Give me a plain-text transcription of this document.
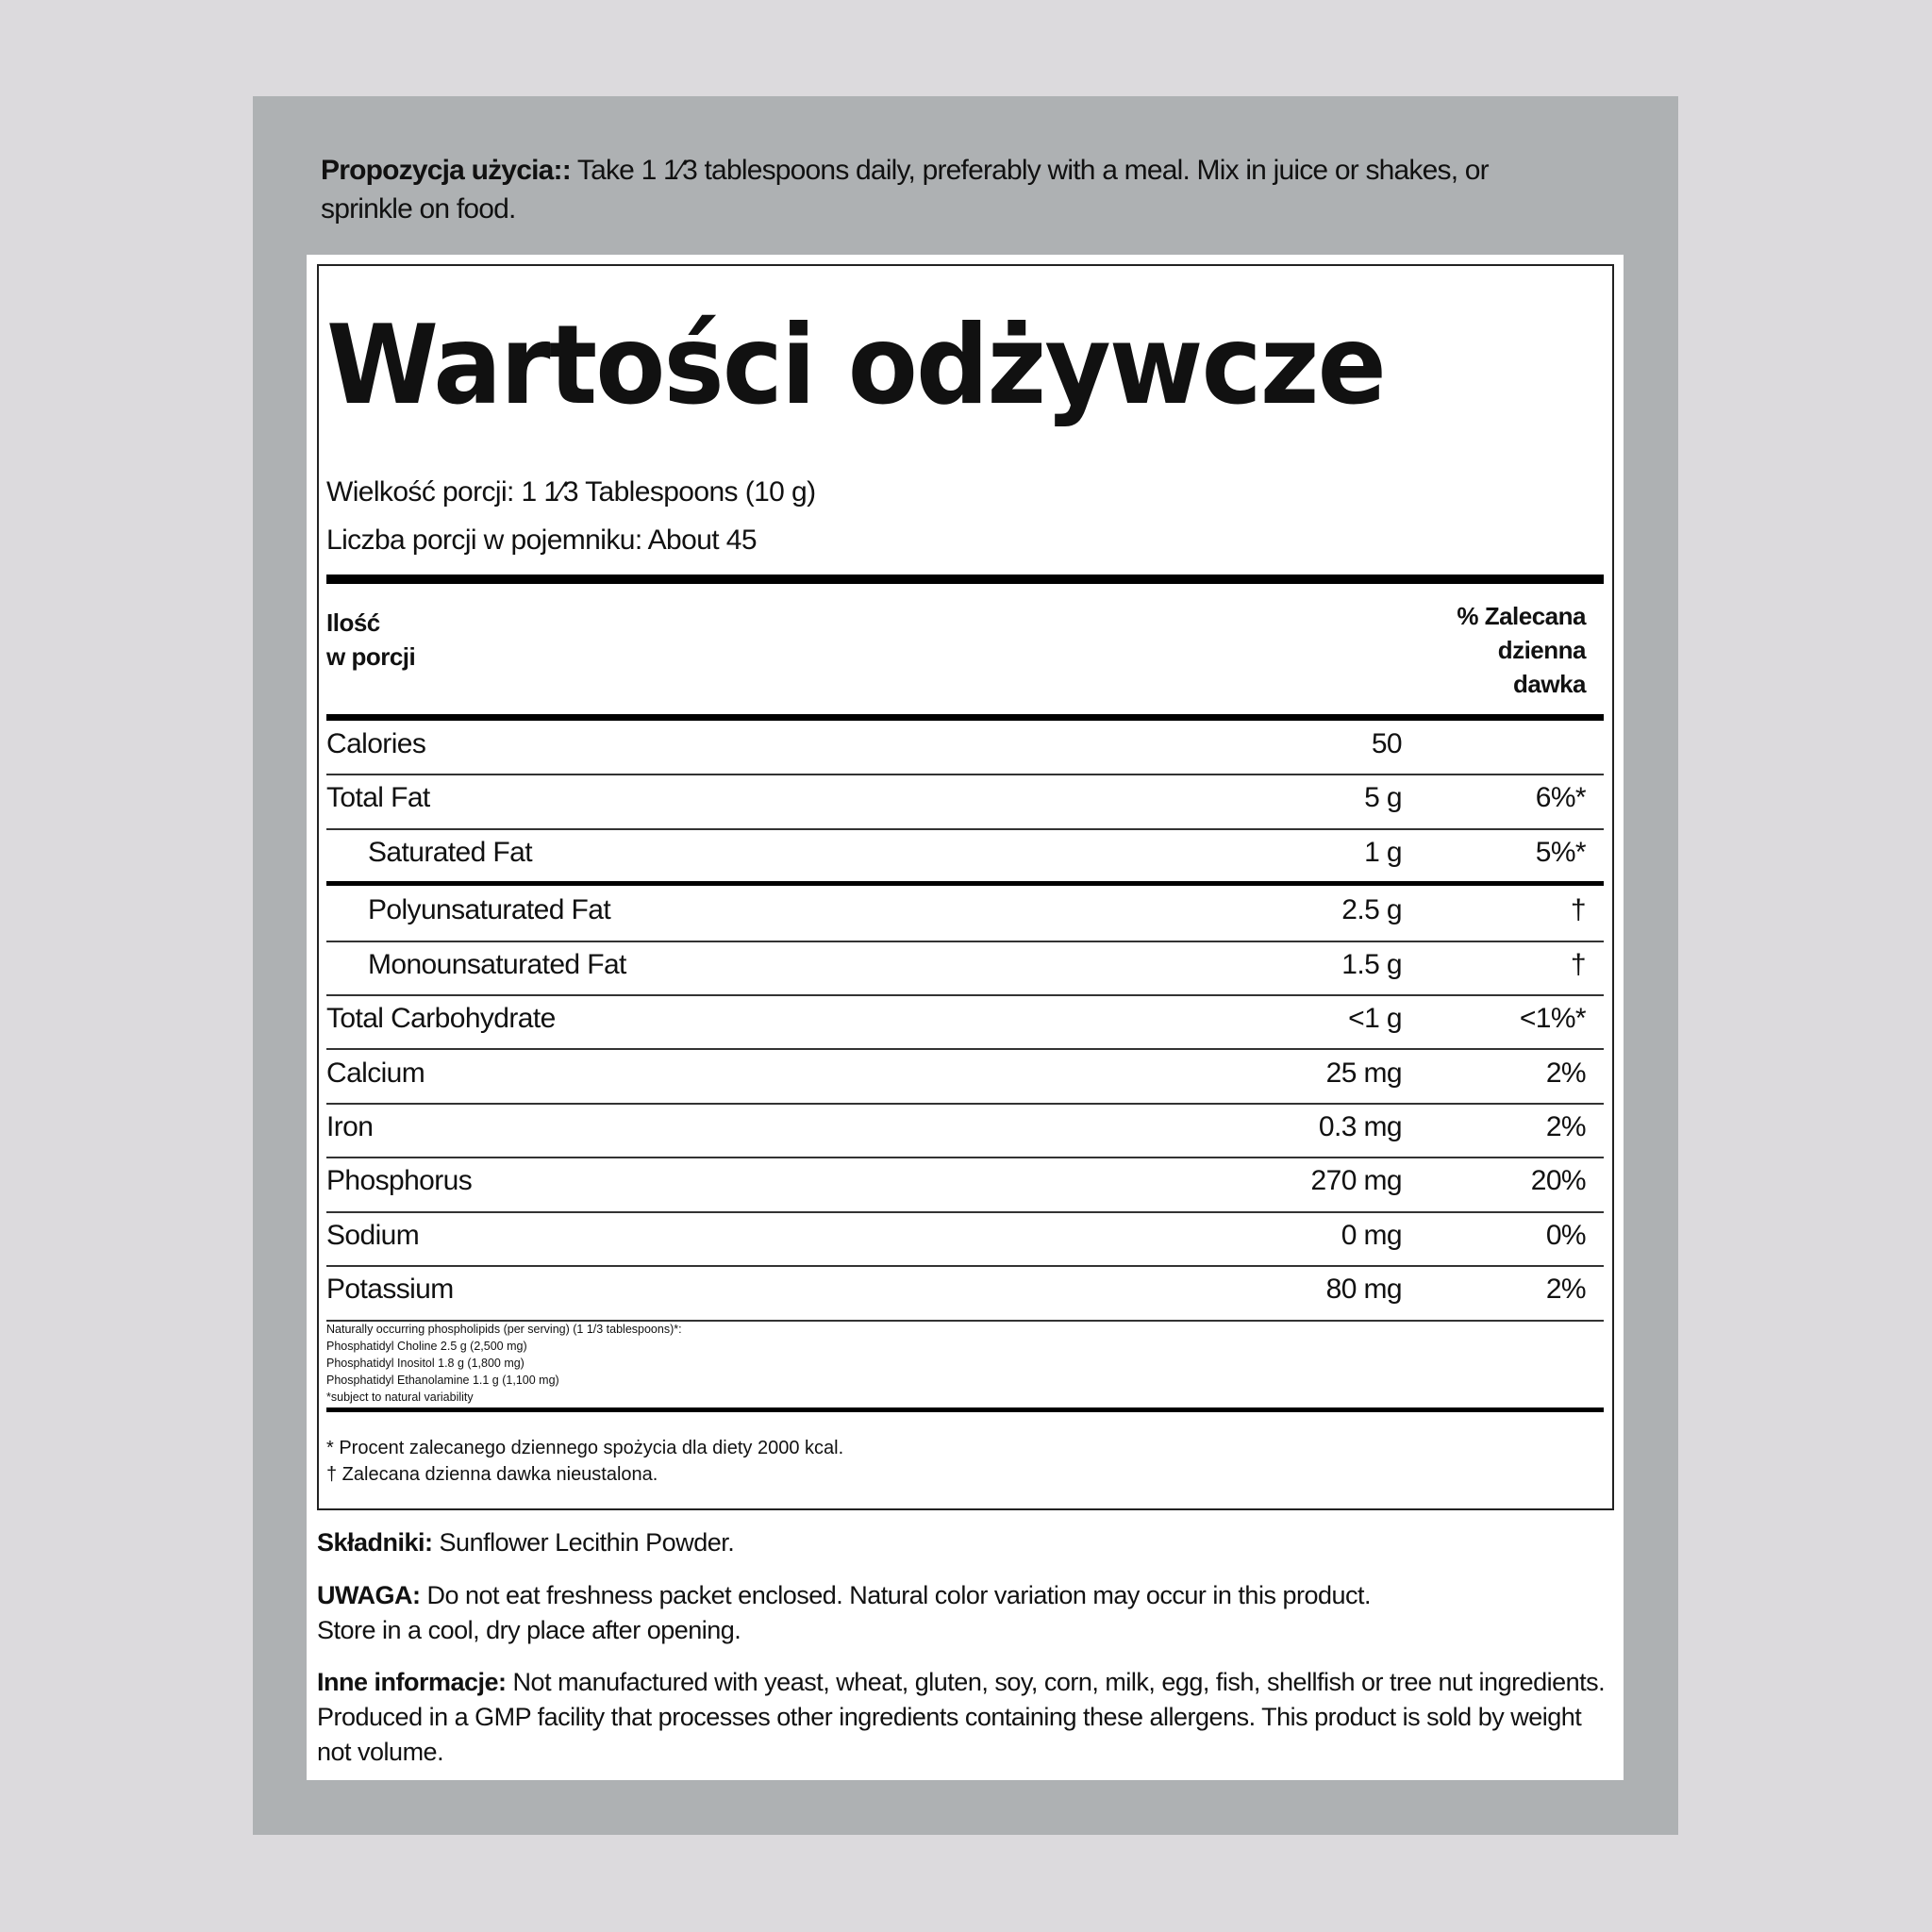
Propozycja użycia:: Take 1 1⁄3 tablespoons daily, preferably with a meal. Mix in juice or shakes, or sprinkle on food.
Wartości odżywcze
Wielkość porcji: 1 1⁄3 Tablespoons (10 g)
Liczba porcji w pojemniku: About 45
Ilość
w porcji
% Zalecana
dzienna
dawka
Calories	50
Total Fat	5 g	6%*
Saturated Fat	1 g	5%*
Polyunsaturated Fat	2.5 g	†
Monounsaturated Fat	1.5 g	†
Total Carbohydrate	<1 g	<1%*
Calcium	25 mg	2%
Iron	0.3 mg	2%
Phosphorus	270 mg	20%
Sodium	0 mg	0%
Potassium	80 mg	2%
Naturally occurring phospholipids (per serving) (1 1/3 tablespoons)*:
Phosphatidyl Choline 2.5 g (2,500 mg)
Phosphatidyl Inositol 1.8 g (1,800 mg)
Phosphatidyl Ethanolamine 1.1 g (1,100 mg)
*subject to natural variability
* Procent zalecanego dziennego spożycia dla diety 2000 kcal.
† Zalecana dzienna dawka nieustalona.
Składniki: Sunflower Lecithin Powder.
UWAGA: Do not eat freshness packet enclosed. Natural color variation may occur in this product.
Store in a cool, dry place after opening.
Inne informacje: Not manufactured with yeast, wheat, gluten, soy, corn, milk, egg, fish, shellfish or tree nut ingredients. Produced in a GMP facility that processes other ingredients containing these allergens. This product is sold by weight not volume.
